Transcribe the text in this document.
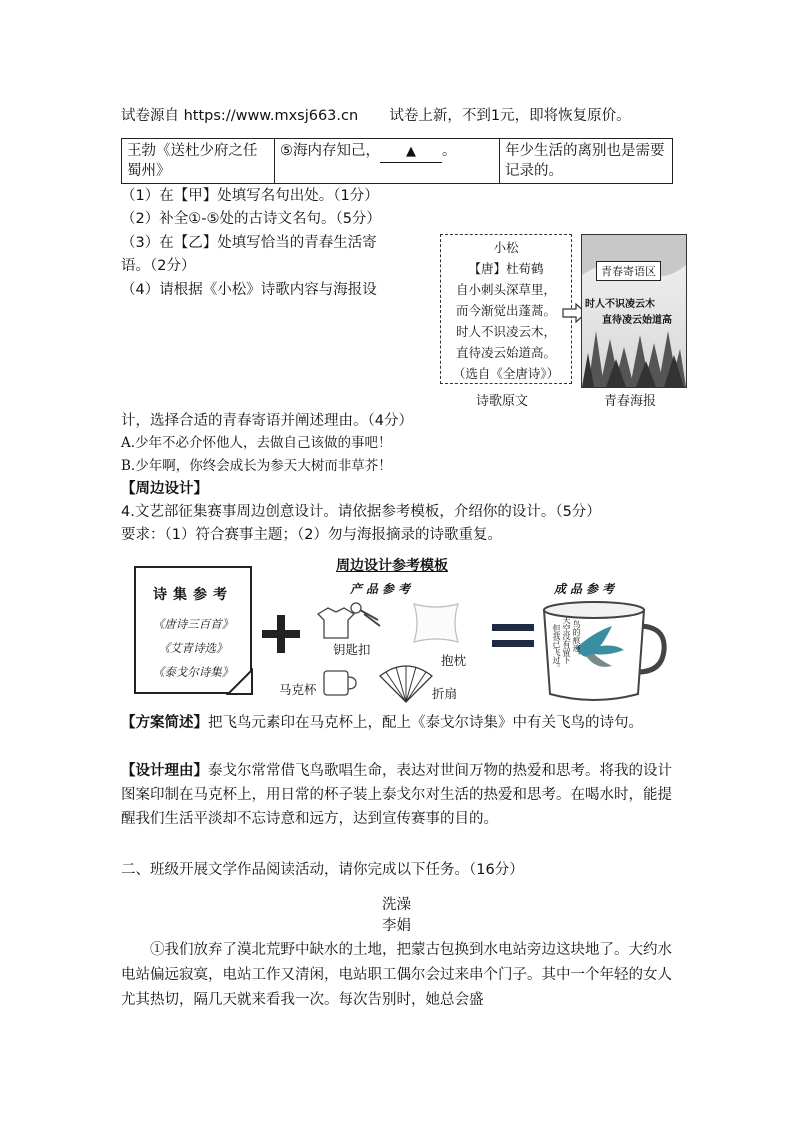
试卷源自 https://www.mxsj663.cn 试卷上新，不到1元，即将恢复原价。
王勃《送杜少府之任蜀州》	⑤海内存知己， ▲ 。	年少生活的离别也是需要记录的。
（1）在【甲】处填写名句出处。（1分）
（2）补全①-⑤处的古诗文名句。（5分）
（3）在【乙】处填写恰当的青春生活寄
语。（2分）
（4）请根据《小松》诗歌内容与海报设
计，选择合适的青春寄语并阐述理由。（4分）
A.少年不必介怀他人，去做自己该做的事吧！
B.少年啊，你终会成长为参天大树而非草芥！
小松
【唐】杜荀鹤
自小刺头深草里，
而今渐觉出蓬蒿。
时人不识凌云木，
直待凌云始道高。
（选自《全唐诗》）
青春寄语区
时人不识凌云木
直待凌云始道高
诗歌原文	青春海报
【周边设计】
4.文艺部征集赛事周边创意设计。请依据参考模板，介绍你的设计。（5分）
要求：（1）符合赛事主题；（2）勿与海报摘录的诗歌重复。
周边设计参考模板
诗集参考
《唐诗三百首》
《艾青诗选》
《泰戈尔诗集》
产品参考
钥匙扣
抱枕
马克杯	折扇
成品参考
天空没有留下 鸟的痕迹，
但我已飞过。
【方案简述】把飞鸟元素印在马克杯上，配上《泰戈尔诗集》中有关飞鸟的诗句。
【设计理由】泰戈尔常常借飞鸟歌唱生命，表达对世间万物的热爱和思考。将我的设计图案印制在马克杯上，用日常的杯子装上泰戈尔对生活的热爱和思考。在喝水时，能提醒我们生活平淡却不忘诗意和远方，达到宣传赛事的目的。
二、班级开展文学作品阅读活动，请你完成以下任务。（16分）
洗澡
李娟
①我们放弃了漠北荒野中缺水的土地，把蒙古包换到水电站旁边这块地了。大约水电站偏远寂寞，电站工作又清闲，电站职工偶尔会过来串个门子。其中一个年轻的女人尤其热切，隔几天就来看我一次。每次告别时，她总会盛
